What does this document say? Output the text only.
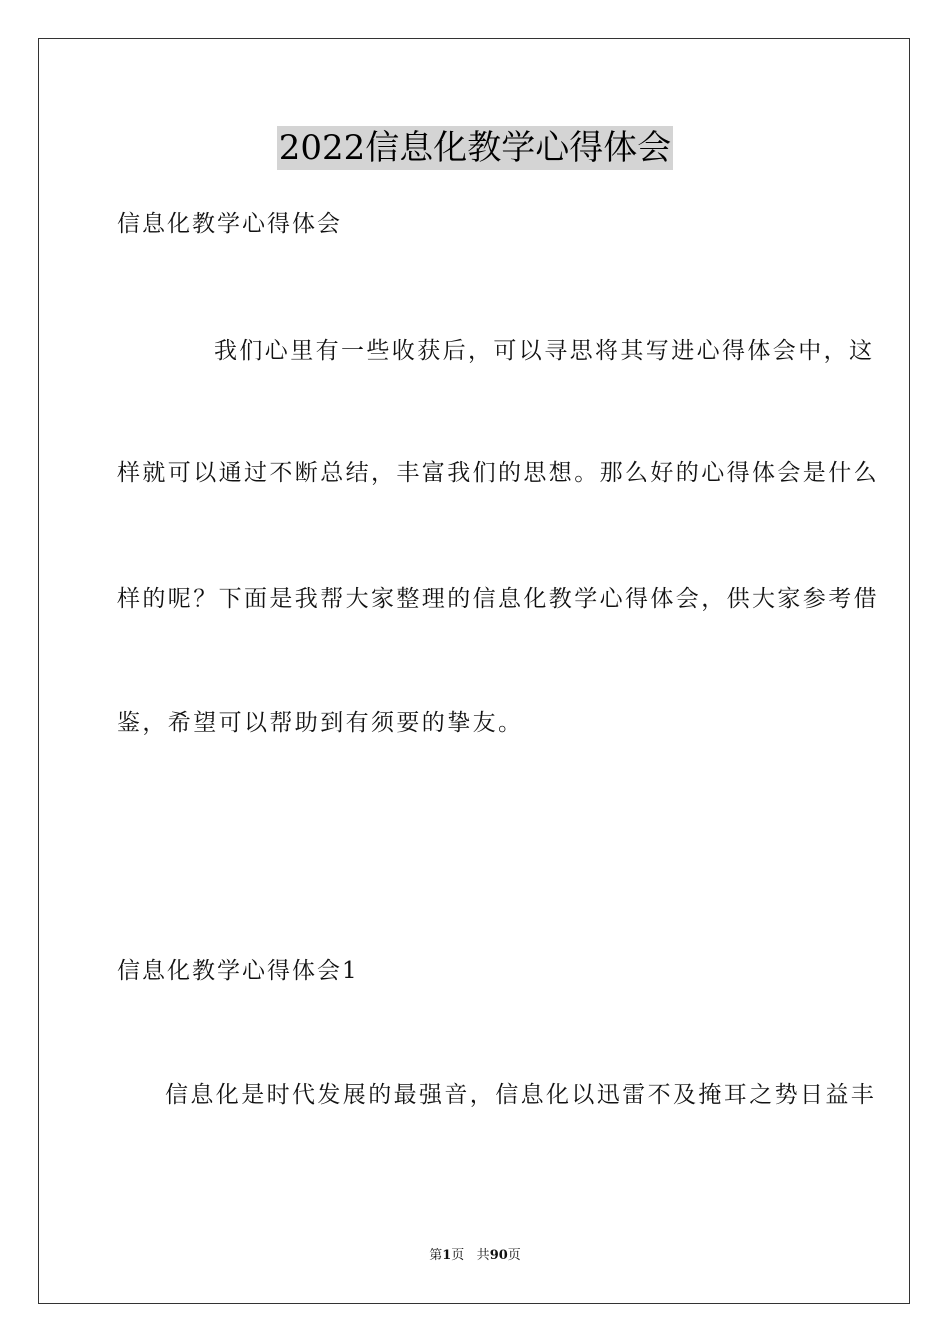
2022信息化教学心得体会
信息化教学心得体会
我们心里有一些收获后，可以寻思将其写进心得体会中，这
样就可以通过不断总结，丰富我们的思想。那么好的心得体会是什么
样的呢？下面是我帮大家整理的信息化教学心得体会，供大家参考借
鉴，希望可以帮助到有须要的挚友。
信息化教学心得体会1
信息化是时代发展的最强音，信息化以迅雷不及掩耳之势日益丰
第1页 共90页
